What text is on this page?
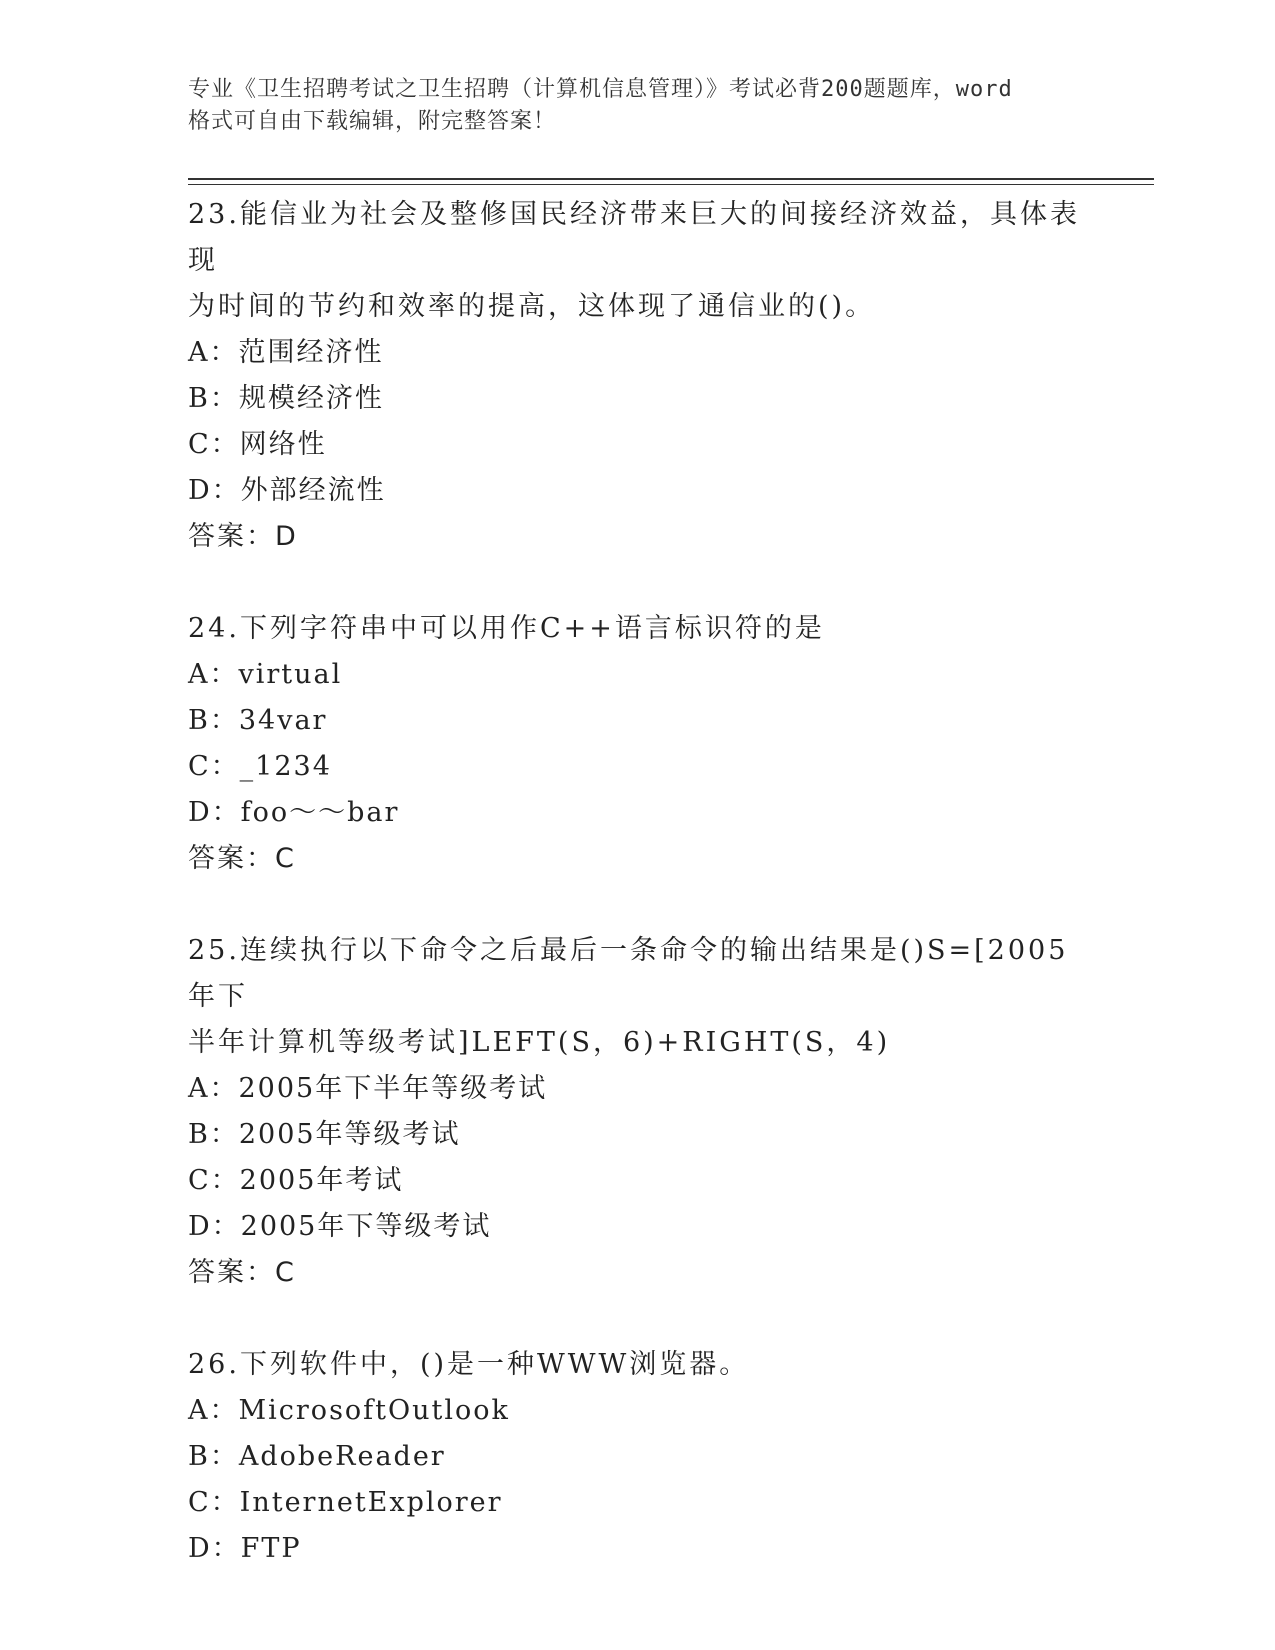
专业《卫生招聘考试之卫生招聘（计算机信息管理）》考试必背200题题库，word
格式可自由下载编辑，附完整答案！

23.能信业为社会及整修国民经济带来巨大的间接经济效益，具体表现

为时间的节约和效率的提高，这体现了通信业的()。

A：范围经济性

B：规模经济性

C：网络性

D：外部经流性

答案：D

24.下列字符串中可以用作C++语言标识符的是

A：virtual

B：34var

C：_1234

D：foo～～bar

答案：C

25.连续执行以下命令之后最后一条命令的输出结果是()S=[2005年下

半年计算机等级考试]LEFT(S，6)+RIGHT(S，4)

A：2005年下半年等级考试

B：2005年等级考试

C：2005年考试

D：2005年下等级考试

答案：C

26.下列软件中，()是一种WWW浏览器。

A：MicrosoftOutlook

B：AdobeReader

C：InternetExplorer

D：FTP
